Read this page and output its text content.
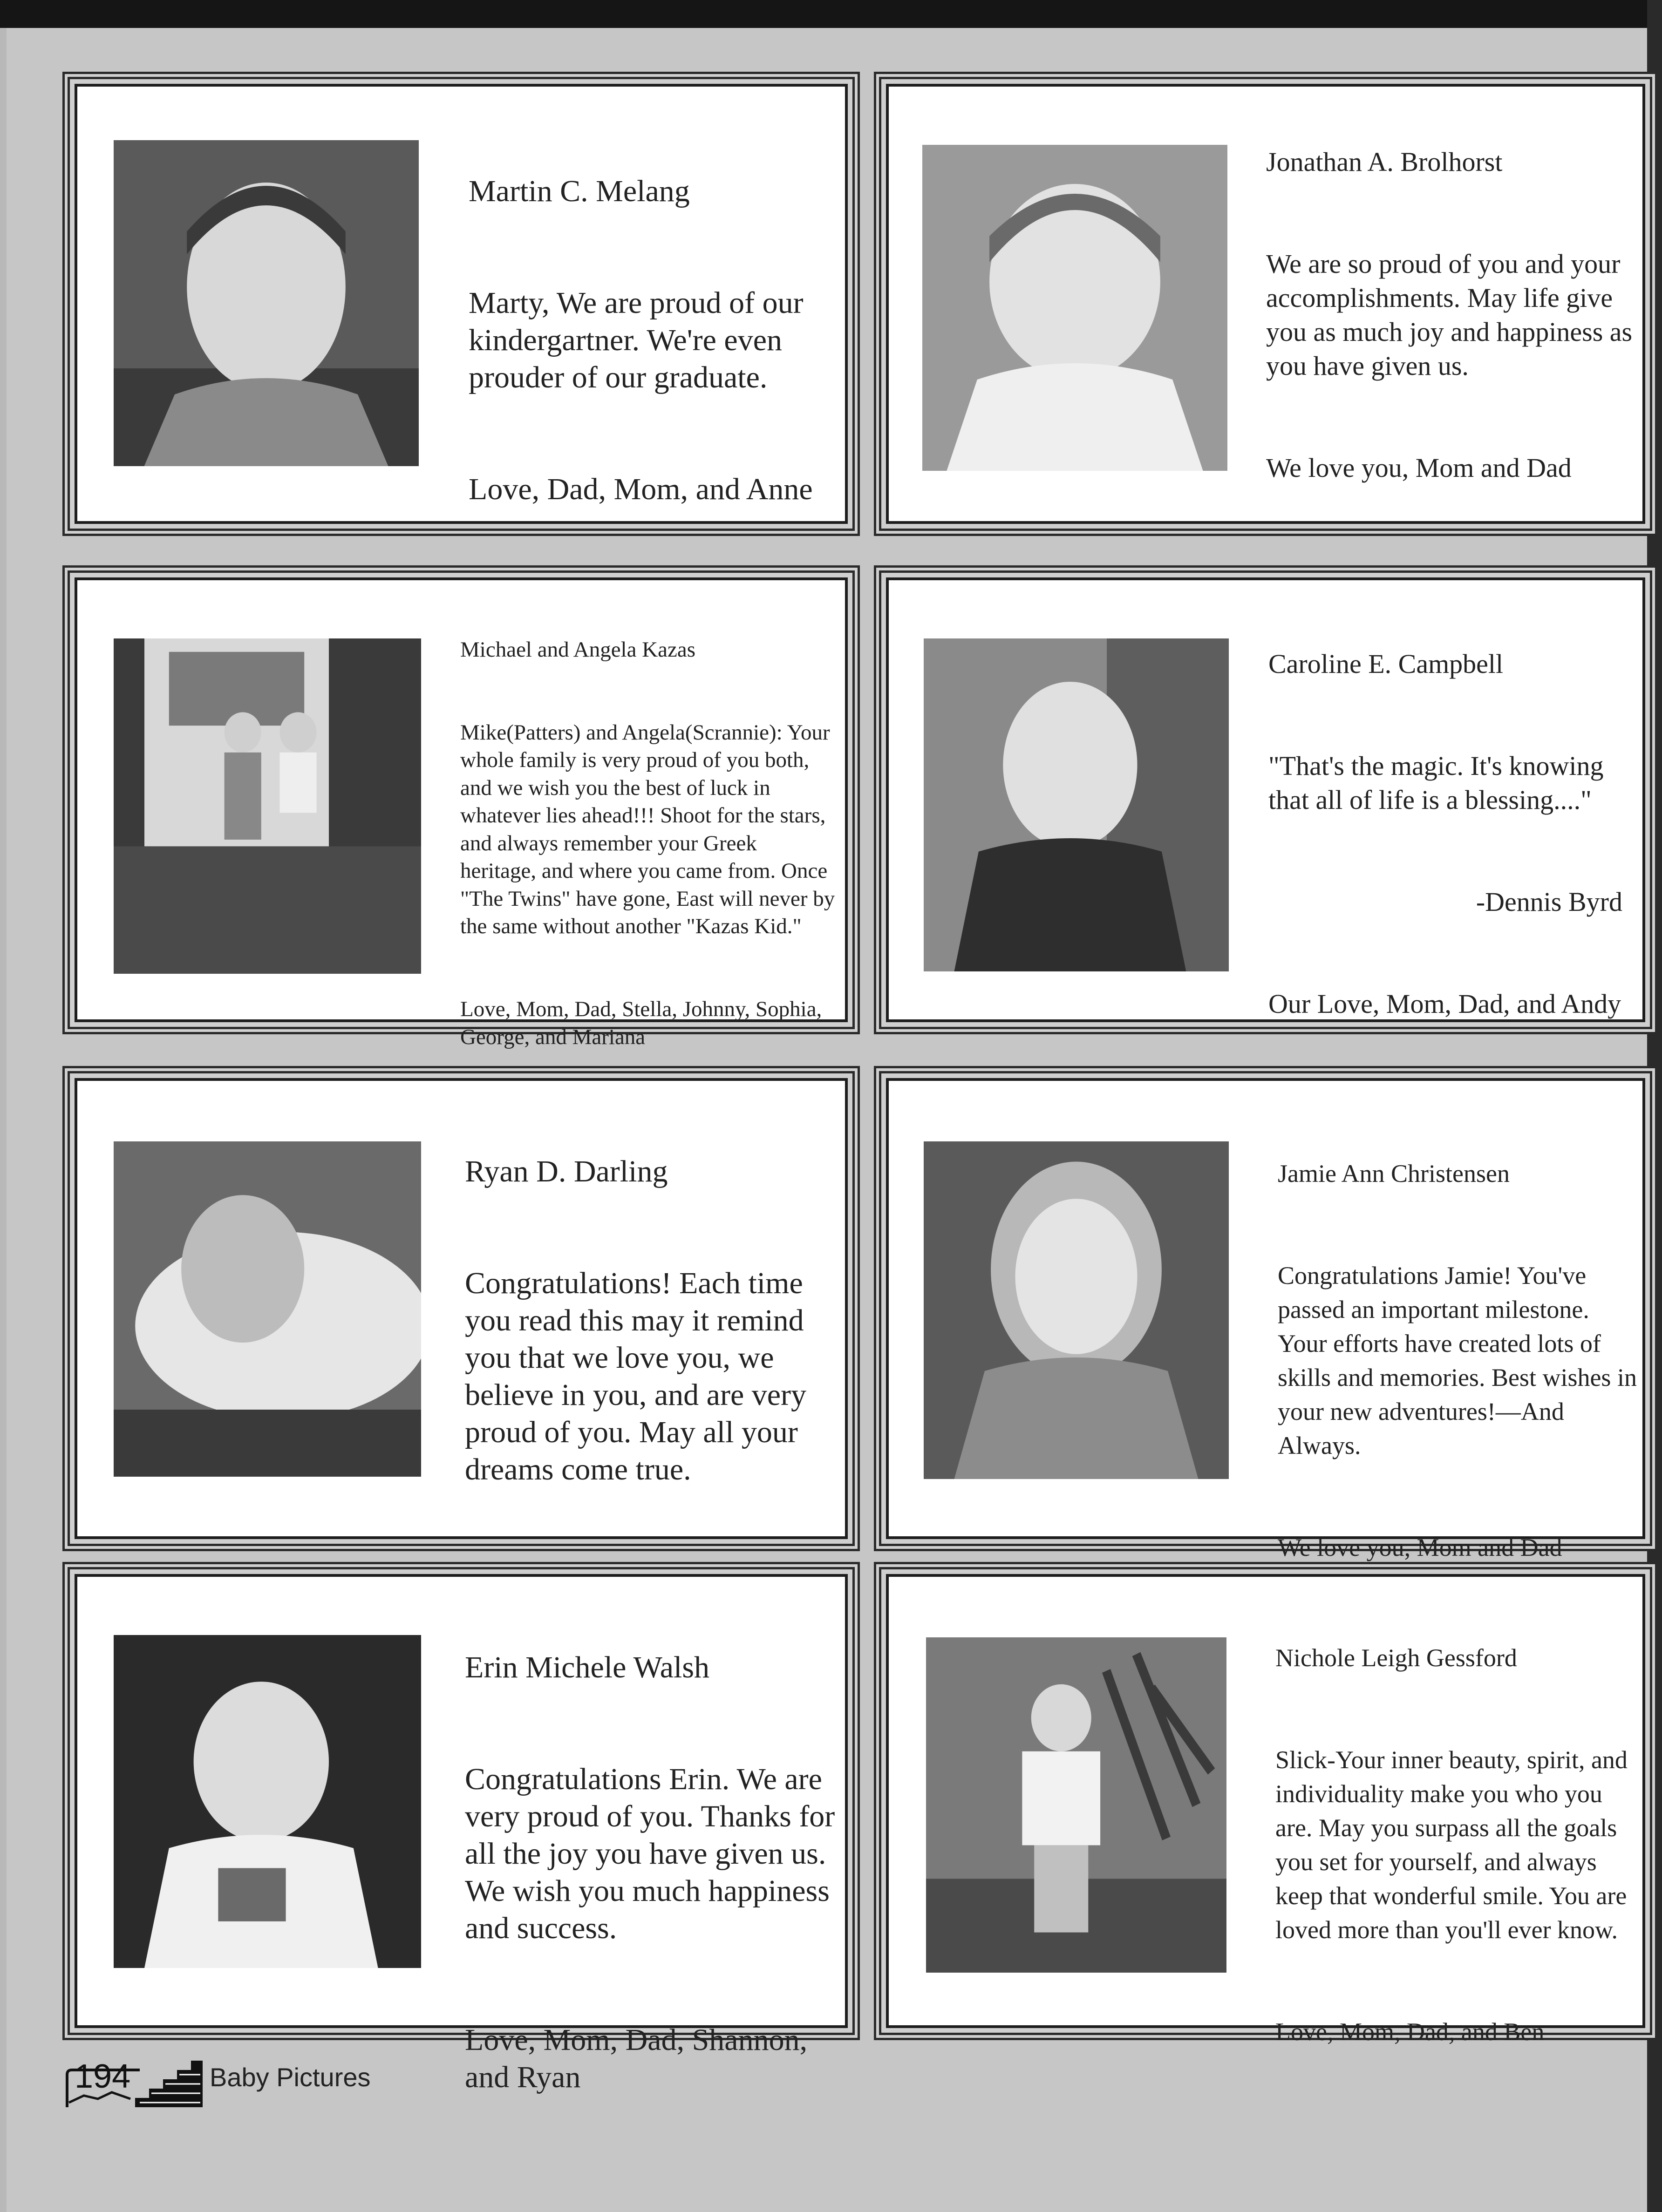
Martin C. Melang

Marty, We are proud of our kindergartner. We're even prouder of our graduate.

Love, Dad, Mom, and Anne

Jonathan A. Brolhorst

We are so proud of you and your accomplishments. May life give you as much joy and happiness as you have given us.

We love you, Mom and Dad

Michael and Angela Kazas

Mike(Patters) and Angela(Scrannie): Your whole family is very proud of you both, and we wish you the best of luck in whatever lies ahead!!! Shoot for the stars, and always remember your Greek heritage, and where you came from. Once "The Twins" have gone, East will never by the same without another "Kazas Kid."

Love, Mom, Dad, Stella, Johnny, Sophia, George, and Mariana

Caroline E. Campbell

"That's the magic. It's knowing that all of life is a blessing...."

-Dennis Byrd

Our Love, Mom, Dad, and Andy

Ryan D. Darling

Congratulations! Each time you read this may it remind you that we love you, we believe in you, and are very proud of you. May all your dreams come true.

Jamie Ann Christensen

Congratulations Jamie! You've passed an important milestone. Your efforts have created lots of skills and memories. Best wishes in your new adventures!—And Always.

We love you, Mom and Dad

Erin Michele Walsh

Congratulations Erin. We are very proud of you. Thanks for all the joy you have given us. We wish you much happiness and success.

Love, Mom, Dad, Shannon, and Ryan

Nichole Leigh Gessford

Slick-Your inner beauty, spirit, and individuality make you who you are. May you surpass all the goals you set for yourself, and always keep that wonderful smile. You are loved more than you'll ever know.

Love, Mom, Dad, and Ben

194	Baby Pictures
